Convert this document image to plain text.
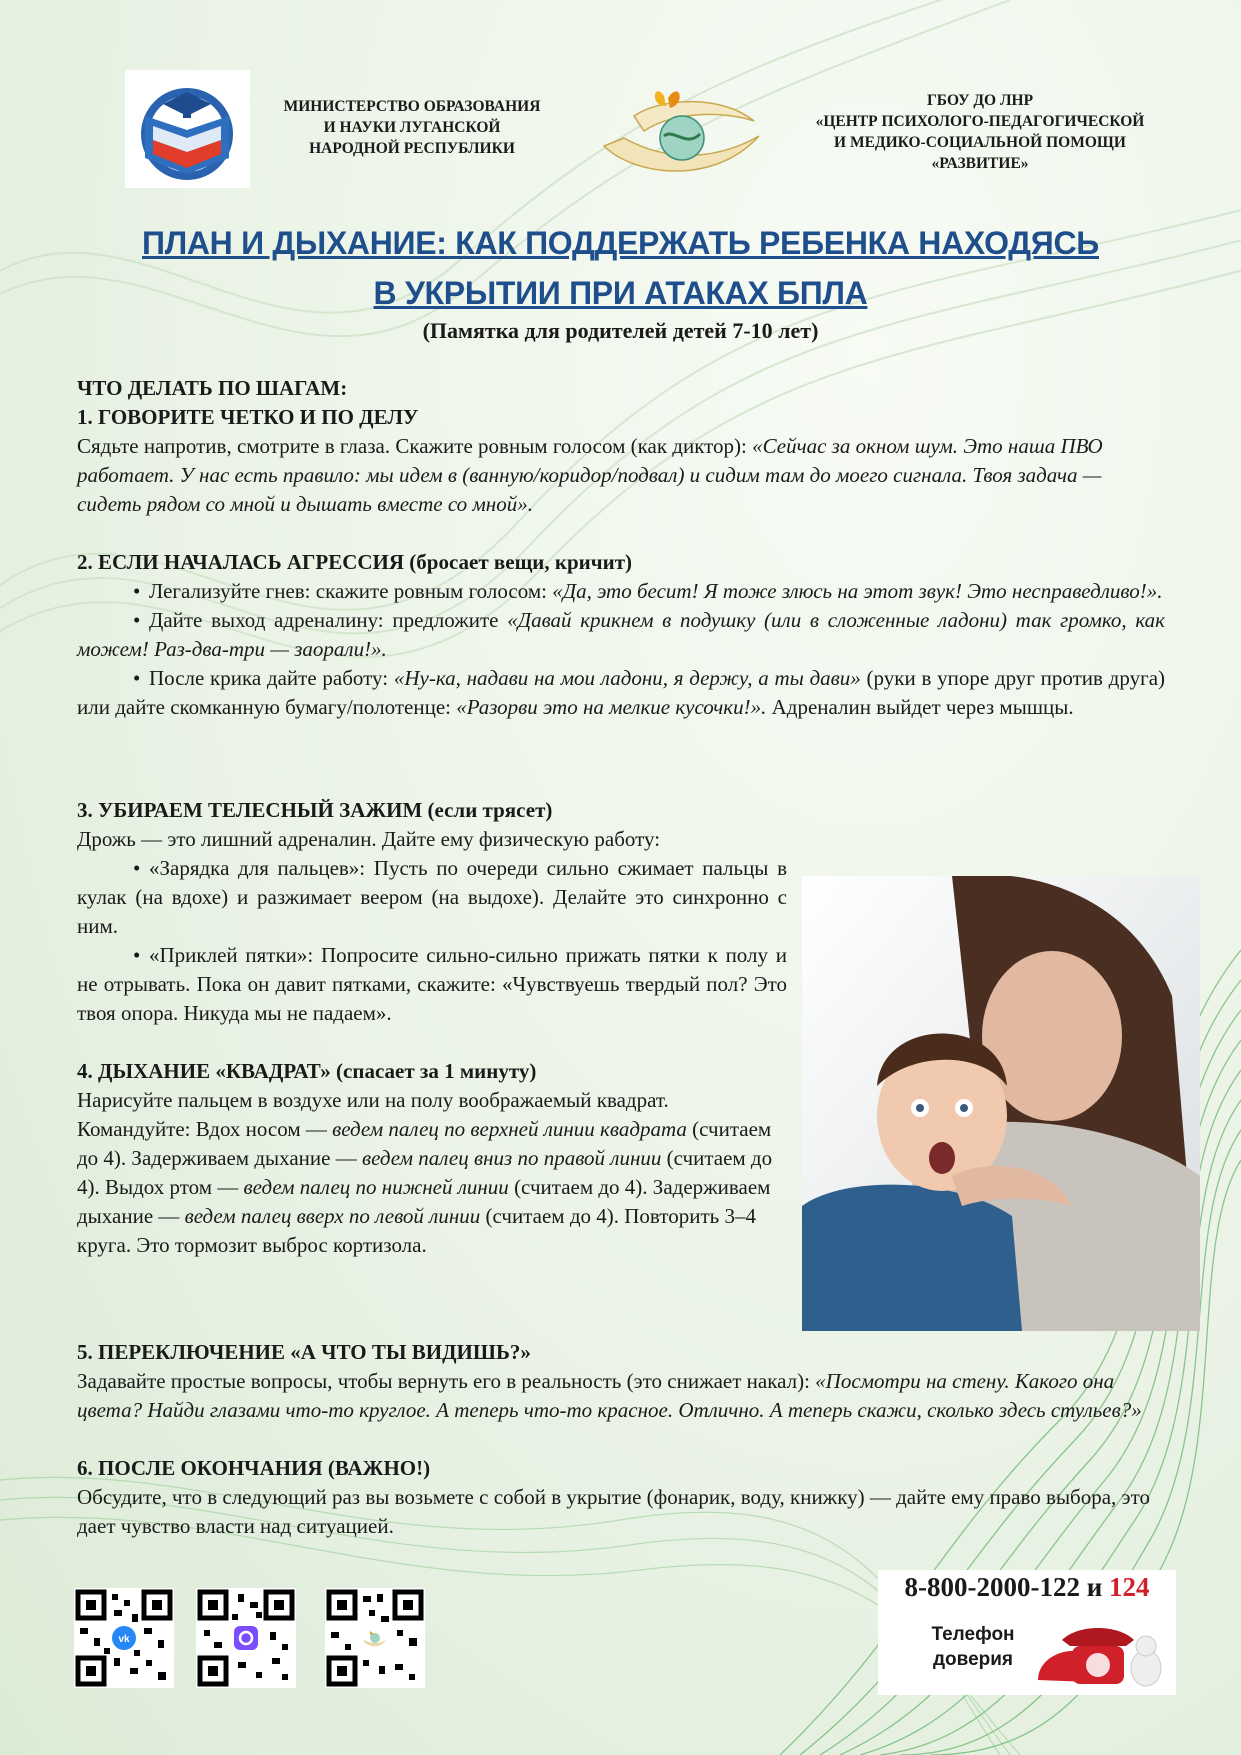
МИНИСТЕРСТВО ОБРАЗОВАНИЯ
И НАУКИ ЛУГАНСКОЙ
НАРОДНОЙ РЕСПУБЛИКИ
ГБОУ ДО ЛНР
«ЦЕНТР ПСИХОЛОГО-ПЕДАГОГИЧЕСКОЙ
И МЕДИКО-СОЦИАЛЬНОЙ ПОМОЩИ
«РАЗВИТИЕ»
ПЛАН И ДЫХАНИЕ: КАК ПОДДЕРЖАТЬ РЕБЕНКА НАХОДЯСЬ
В УКРЫТИИ ПРИ АТАКАХ БПЛА
(Памятка для родителей детей 7-10 лет)

ЧТО ДЕЛАТЬ ПО ШАГАМ:

1. ГОВОРИТЕ ЧЕТКО И ПО ДЕЛУ

Сядьте напротив, смотрите в глаза. Скажите ровным голосом (как диктор): «Сейчас за окном шум. Это наша ПВО работает. У нас есть правило: мы идем в (ванную/коридор/подвал) и сидим там до моего сигнала. Твоя задача — сидеть рядом со мной и дышать вместе со мной».

2. ЕСЛИ НАЧАЛАСЬ АГРЕССИЯ (бросает вещи, кричит)

• Легализуйте гнев: скажите ровным голосом: «Да, это бесит! Я тоже злюсь на этот звук! Это несправедливо!».

• Дайте выход адреналину: предложите «Давай крикнем в подушку (или в сложенные ладони) так громко, как можем! Раз-два-три — заорали!».

• После крика дайте работу: «Ну-ка, надави на мои ладони, я держу, а ты дави» (руки в упоре друг против друга) или дайте скомканную бумагу/полотенце: «Разорви это на мелкие кусочки!». Адреналин выйдет через мышцы.

3. УБИРАЕМ ТЕЛЕСНЫЙ ЗАЖИМ (если трясет)

Дрожь — это лишний адреналин. Дайте ему физическую работу:

• «Зарядка для пальцев»: Пусть по очереди сильно сжимает пальцы в кулак (на вдохе) и разжимает веером (на выдохе). Делайте это синхронно с ним.

• «Приклей пятки»: Попросите сильно-сильно прижать пятки к полу и не отрывать. Пока он давит пятками, скажите: «Чувствуешь твердый пол? Это твоя опора. Никуда мы не падаем».

4. ДЫХАНИЕ «КВАДРАТ» (спасает за 1 минуту)

Нарисуйте пальцем в воздухе или на полу воображаемый квадрат. Командуйте: Вдох носом — ведем палец по верхней линии квадрата (считаем до 4). Задерживаем дыхание — ведем палец вниз по правой линии (считаем до 4). Выдох ртом — ведем палец по нижней линии (считаем до 4). Задерживаем дыхание — ведем палец вверх по левой линии (считаем до 4). Повторить 3–4 круга. Это тормозит выброс кортизола.

5. ПЕРЕКЛЮЧЕНИЕ «А ЧТО ТЫ ВИДИШЬ?»

Задавайте простые вопросы, чтобы вернуть его в реальность (это снижает накал): «Посмотри на стену. Какого она цвета? Найди глазами что-то круглое. А теперь что-то красное. Отлично. А теперь скажи, сколько здесь стульев?»

6. ПОСЛЕ ОКОНЧАНИЯ (ВАЖНО!)

Обсудите, что в следующий раз вы возьмете с собой в укрытие (фонарик, воду, книжку) — дайте ему право выбора, это дает чувство власти над ситуацией.

vk
8-800-2000-122 и 124
Телефон
доверия
